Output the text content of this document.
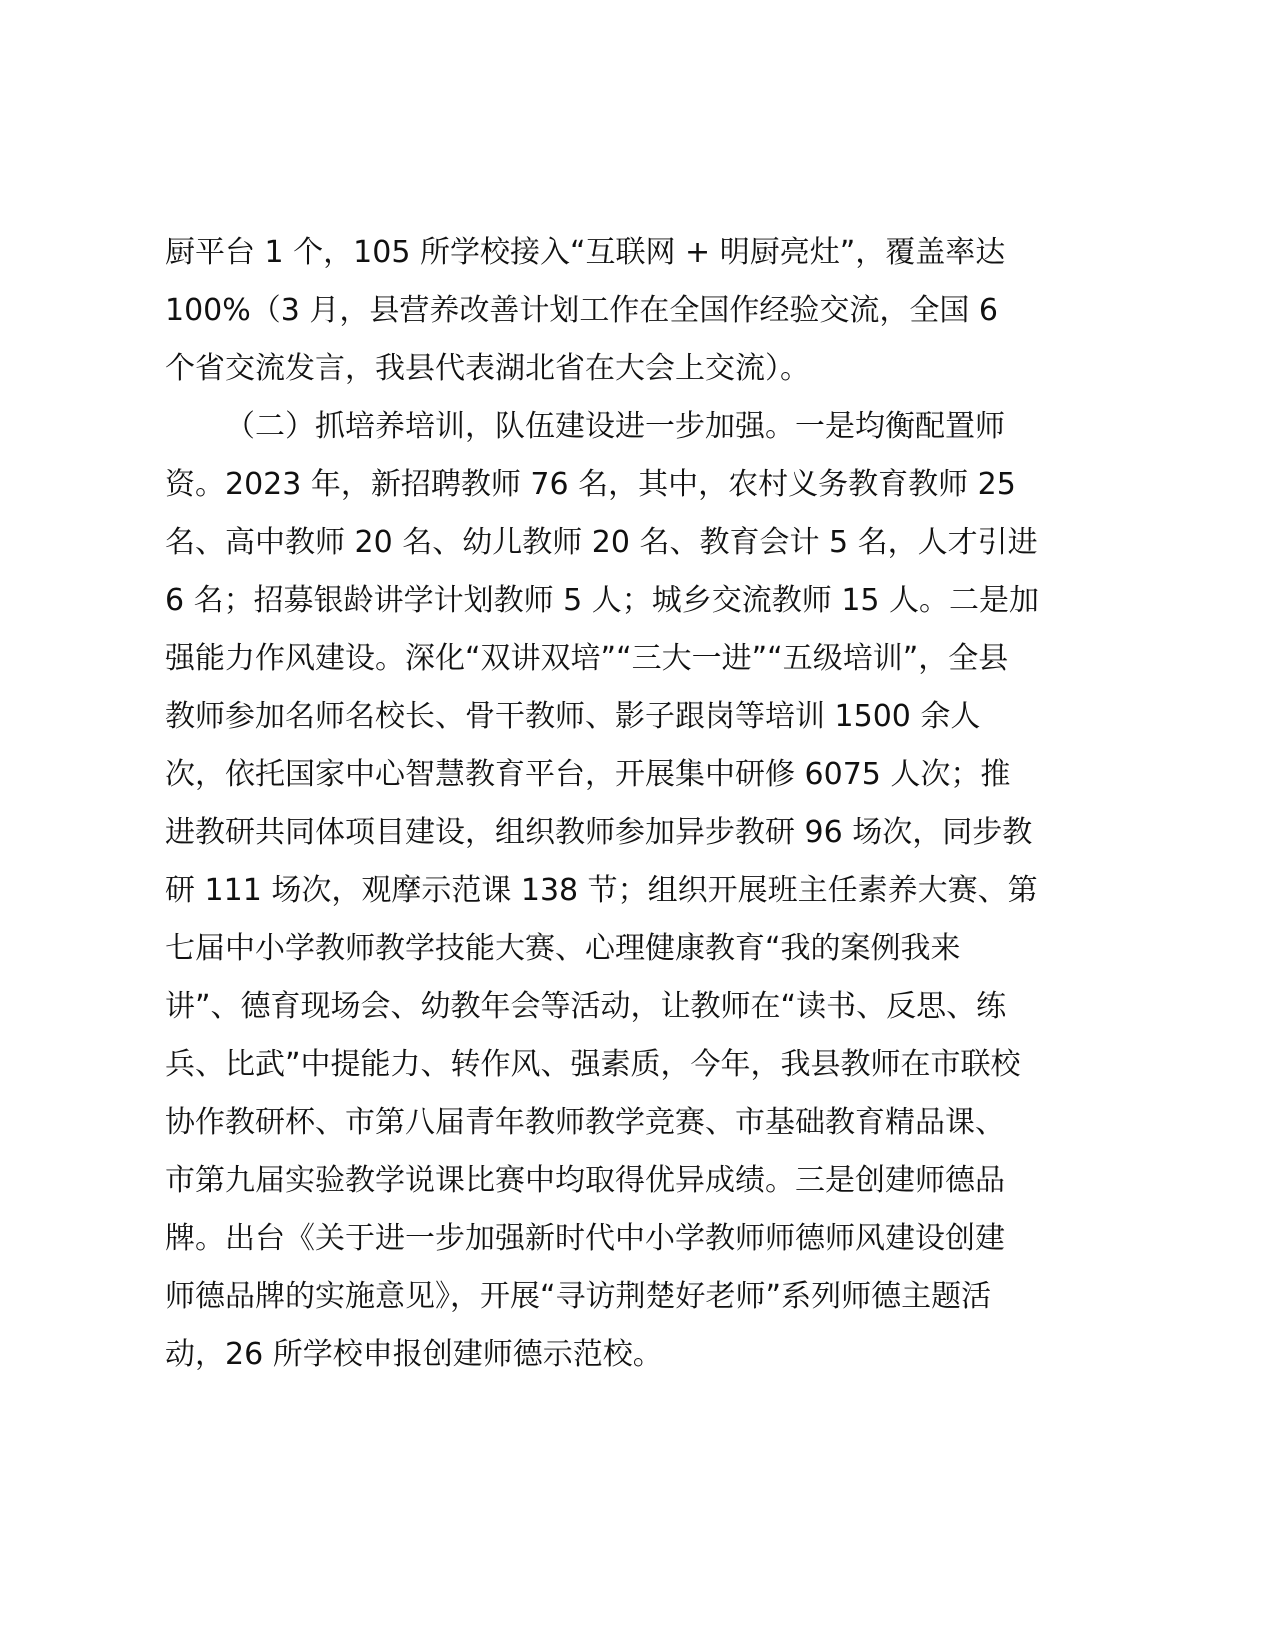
厨平台 1 个，105 所学校接入“互联网 + 明厨亮灶”，覆盖率达
100%（3 月，县营养改善计划工作在全国作经验交流，全国 6
个省交流发言，我县代表湖北省在大会上交流）。
（二）抓培养培训，队伍建设进一步加强。一是均衡配置师
资。2023 年，新招聘教师 76 名，其中，农村义务教育教师 25
名、高中教师 20 名、幼儿教师 20 名、教育会计 5 名，人才引进
6 名；招募银龄讲学计划教师 5 人；城乡交流教师 15 人。二是加
强能力作风建设。深化“双讲双培”“三大一进”“五级培训”，全县
教师参加名师名校长、骨干教师、影子跟岗等培训 1500 余人
次，依托国家中心智慧教育平台，开展集中研修 6075 人次；推
进教研共同体项目建设，组织教师参加异步教研 96 场次，同步教
研 111 场次，观摩示范课 138 节；组织开展班主任素养大赛、第
七届中小学教师教学技能大赛、心理健康教育“我的案例我来
讲”、德育现场会、幼教年会等活动，让教师在“读书、反思、练
兵、比武”中提能力、转作风、强素质，今年，我县教师在市联校
协作教研杯、市第八届青年教师教学竞赛、市基础教育精品课、
市第九届实验教学说课比赛中均取得优异成绩。三是创建师德品
牌。出台《关于进一步加强新时代中小学教师师德师风建设创建
师德品牌的实施意见》，开展“寻访荆楚好老师”系列师德主题活
动，26 所学校申报创建师德示范校。
